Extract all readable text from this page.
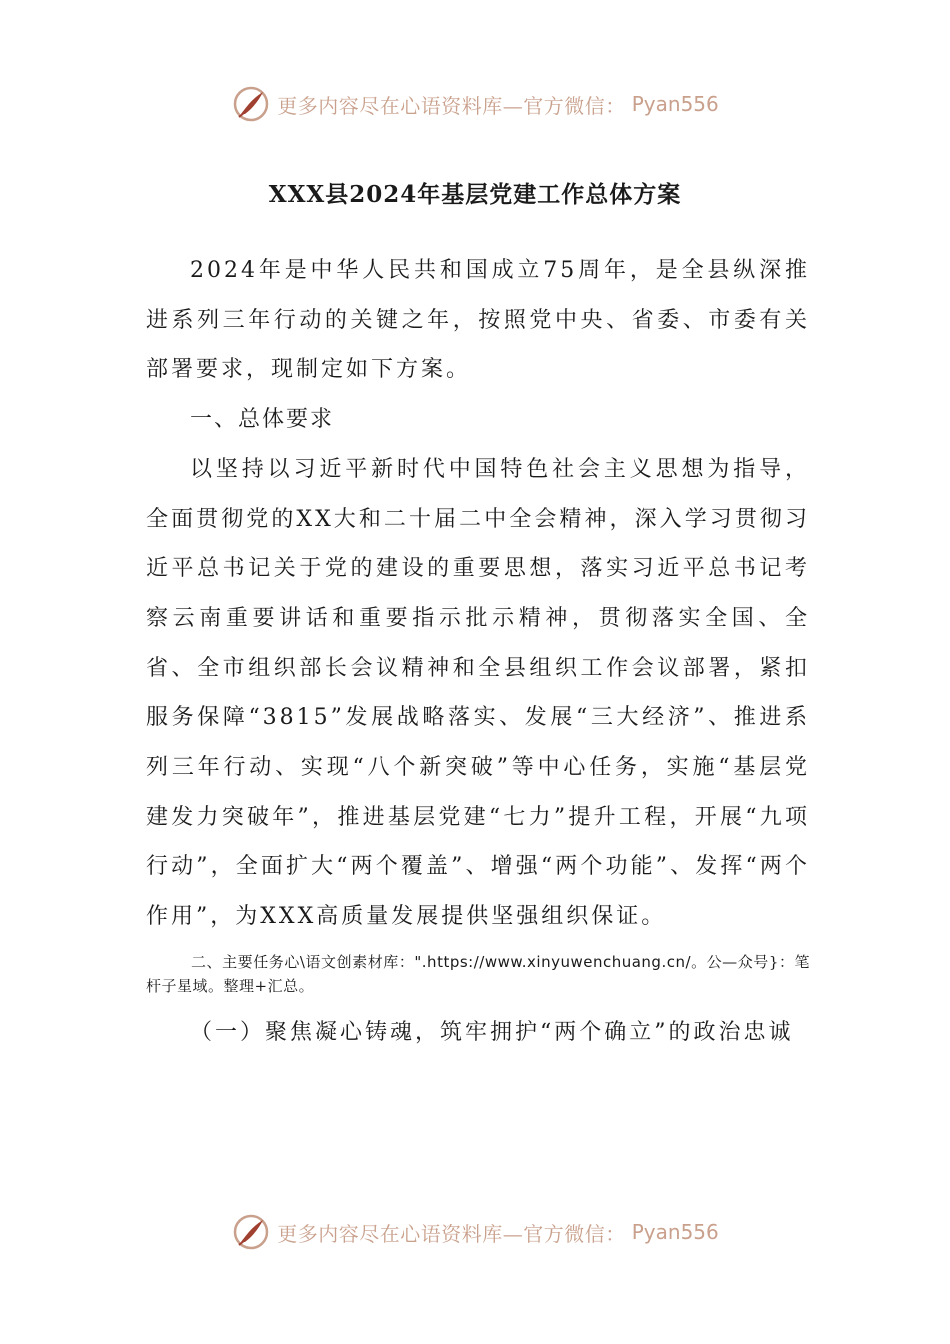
更多内容尽在心语资料库—官方微信： Pyan556
XXX县2024年基层党建工作总体方案

2024年是中华人民共和国成立75周年，是全县纵深推进系列三年行动的关键之年，按照党中央、省委、市委有关部署要求，现制定如下方案。

一、总体要求

以坚持以习近平新时代中国特色社会主义思想为指导，全面贯彻党的XX大和二十届二中全会精神，深入学习贯彻习近平总书记关于党的建设的重要思想，落实习近平总书记考察云南重要讲话和重要指示批示精神，贯彻落实全国、全省、全市组织部长会议精神和全县组织工作会议部署，紧扣服务保障“3815”发展战略落实、发展“三大经济”、推进系列三年行动、实现“八个新突破”等中心任务，实施“基层党建发力突破年”，推进基层党建“七力”提升工程，开展“九项行动”，全面扩大“两个覆盖”、增强“两个功能”、发挥“两个作用”，为XXX高质量发展提供坚强组织保证。

二、主要任务心\语文创素材库：".https://www.xinyuwenchuang.cn/。公—众号}：笔杆子星域。整理+汇总。

（一）聚焦凝心铸魂，筑牢拥护“两个确立”的政治忠诚

更多内容尽在心语资料库—官方微信： Pyan556
